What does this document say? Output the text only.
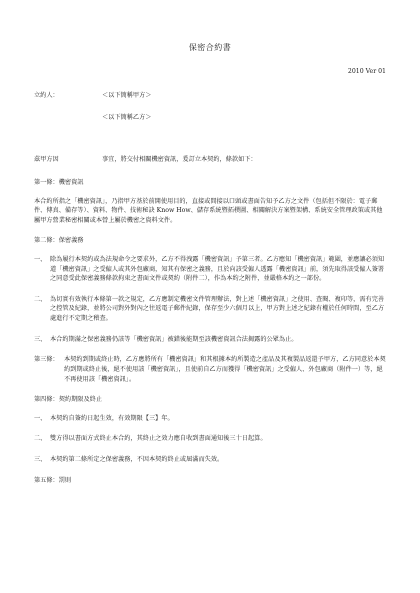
保密合約書
2010 Ver 01
立約人：	＜以下簡稱甲方＞
＜以下簡稱乙方＞
茲甲方因	事宜，將交付相關機密資訊，爰訂立本契約，條款如下：
第一條：機密資訊
本合約所指之「機密資訊」，乃指甲方基於前開使用目的，直接或間接以口頭或書面告知予乙方之文件（包括但不限於：電子郵件、傳真、備存等）、資料、物件、技術秘訣 Know How、儲存系統暨拓樸圖、相關解決方案暨架構、系統安全管理政策或其他屬甲方營業秘密相關或本營上屬於機密之資料文件。
第二條：保密義務
一、 除為履行本契約或為法規命令之要求外，乙方不得洩露「機密資訊」予第三者。乙方應知「機密資訊」範圍，並應讓必須知道「機密資訊」之受僱人或其外包廠商，知其有保密之義務，且於向該受僱人透露「機密資訊」前，須先取得該受僱人簽署之同意受此保密義務條款拘束之書面文件或契約（附件二），作為本約之附件，並嚴格本約之一部份。
二、 為切實有效執行本條第一款之規定，乙方應制定機密文件管理辦法，對上述「機密資訊」之使用、查閱、複印等，需有完善之控管及紀錄，並將公司對外對內之往返電子郵件紀錄，保存至少六個月以上，甲方對上述之紀錄有權於任何時間，至乙方處進行不定期之稽查。
三、 本合約期滿之保密義務仍該等「機密資訊」被錯後能期至該機密資訊合法揭露的公眾為止。
第三條： 本契約到期或終止時，乙方應將所有「機密資訊」和其根據本約所製造之產品及其複製品返還予甲方，乙方同意於本契約到期或終止後，絕不使用該「機密資訊」，且使前自乙方而獲得「機密資訊」之受僱人、外包廠商（附件一）等，絕不再使用該「機密資訊」。
第四條：契約期限及終止
一、 本契約自簽約日起生效，有效期限【三】年。
二、 雙方得以書面方式終止本合約，其終止之效力應自收到書面通知後三十日起算。
三、 本契約第二條所定之保密義務，不因本契約終止或屆滿而失效。
第五條：罰則
